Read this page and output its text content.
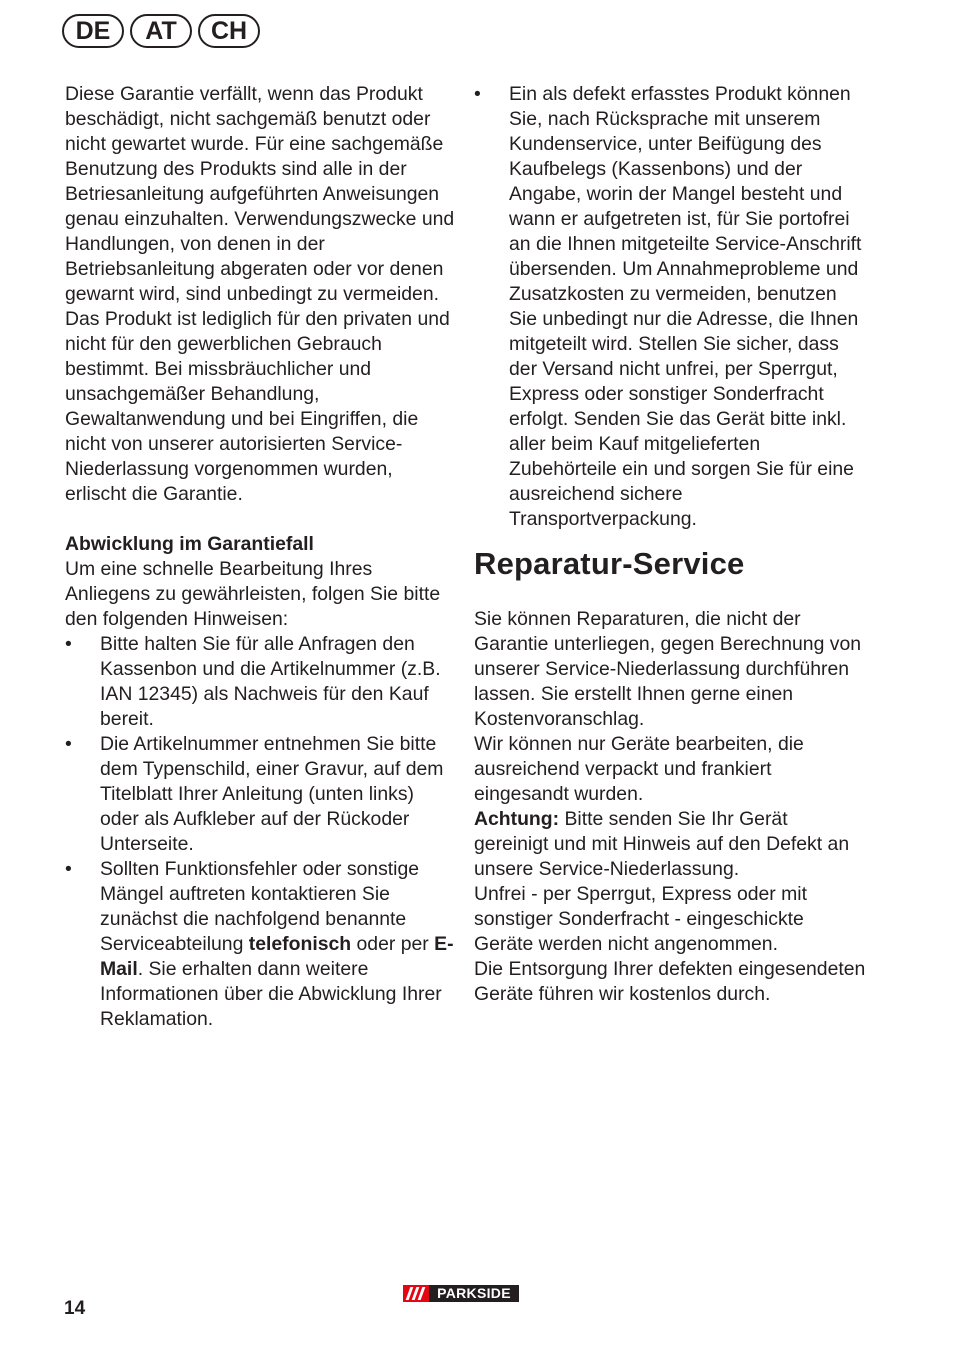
DE	AT	CH

Diese Garantie verfällt, wenn das Produkt beschädigt, nicht sachgemäß benutzt oder nicht gewartet wurde. Für eine sachgemäße Benutzung des Produkts sind alle in der Betriesanleitung aufgeführten Anweisungen genau einzuhalten. Verwendungszwecke und Handlungen, von denen in der Betriebsanleitung abgeraten oder vor denen gewarnt wird, sind unbedingt zu vermeiden. Das Produkt ist lediglich für den privaten und nicht für den gewerblichen Gebrauch bestimmt. Bei missbräuchlicher und unsachgemäßer Behandlung, Gewaltanwendung und bei Eingriffen, die nicht von unserer autorisierten Service-Niederlassung vorgenommen wurden, erlischt die Garantie.

Abwicklung im Garantiefall

Um eine schnelle Bearbeitung Ihres Anliegens zu gewährleisten, folgen Sie bitte den folgenden Hinweisen:

• Bitte halten Sie für alle Anfragen den Kassenbon und die Artikelnummer (z.B. IAN 12345) als Nachweis für den Kauf bereit.
• Die Artikelnummer entnehmen Sie bitte dem Typenschild, einer Gravur, auf dem Titelblatt Ihrer Anleitung (unten links) oder als Aufkleber auf der Rückoder Unterseite.
• Sollten Funktionsfehler oder sonstige Mängel auftreten kontaktieren Sie zunächst die nachfolgend benannte Serviceabteilung telefonisch oder per E-Mail. Sie erhalten dann weitere Informationen über die Abwicklung Ihrer Reklamation.
• Ein als defekt erfasstes Produkt können Sie, nach Rücksprache mit unserem Kundenservice, unter Beifügung des Kaufbelegs (Kassenbons) und der Angabe, worin der Mangel besteht und wann er aufgetreten ist, für Sie portofrei an die Ihnen mitgeteilte Service-Anschrift übersenden. Um Annahmeprobleme und Zusatzkosten zu vermeiden, benutzen Sie unbedingt nur die Adresse, die Ihnen mitgeteilt wird. Stellen Sie sicher, dass der Versand nicht unfrei, per Sperrgut, Express oder sonstiger Sonderfracht erfolgt. Senden Sie das Gerät bitte inkl. aller beim Kauf mitgelieferten Zubehörteile ein und sorgen Sie für eine ausreichend sichere Transportverpackung.
Reparatur-Service

Sie können Reparaturen, die nicht der Garantie unterliegen, gegen Berechnung von unserer Service-Niederlassung durchführen lassen. Sie erstellt Ihnen gerne einen Kostenvoranschlag.

Wir können nur Geräte bearbeiten, die ausreichend verpackt und frankiert eingesandt wurden.

Achtung: Bitte senden Sie Ihr Gerät gereinigt und mit Hinweis auf den Defekt an unsere Service-Niederlassung.

Unfrei - per Sperrgut, Express oder mit sonstiger Sonderfracht - eingeschickte Geräte werden nicht angenommen.

Die Entsorgung Ihrer defekten eingesendeten Geräte führen wir kostenlos durch.

14
PARKSIDE
